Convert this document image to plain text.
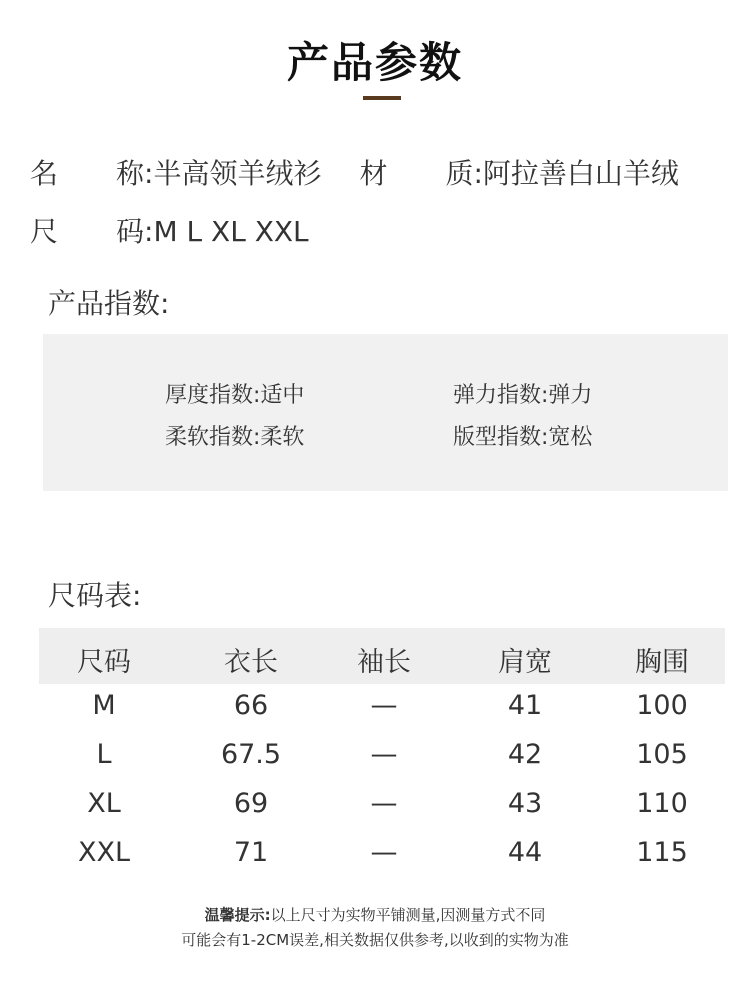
产品参数
名 称:半高领羊绒衫 材 质:阿拉善白山羊绒
尺 码:M L XL XXL
产品指数:
厚度指数:适中	弹力指数:弹力
柔软指数:柔软	版型指数:宽松
尺码表:
尺码	衣长	袖长	肩宽	胸围
M	66	—	41	100
L	67.5	—	42	105
XL	69	—	43	110
XXL	71	—	44	115
温馨提示:以上尺寸为实物平铺测量,因测量方式不同
可能会有1-2CM误差,相关数据仅供参考,以收到的实物为准
